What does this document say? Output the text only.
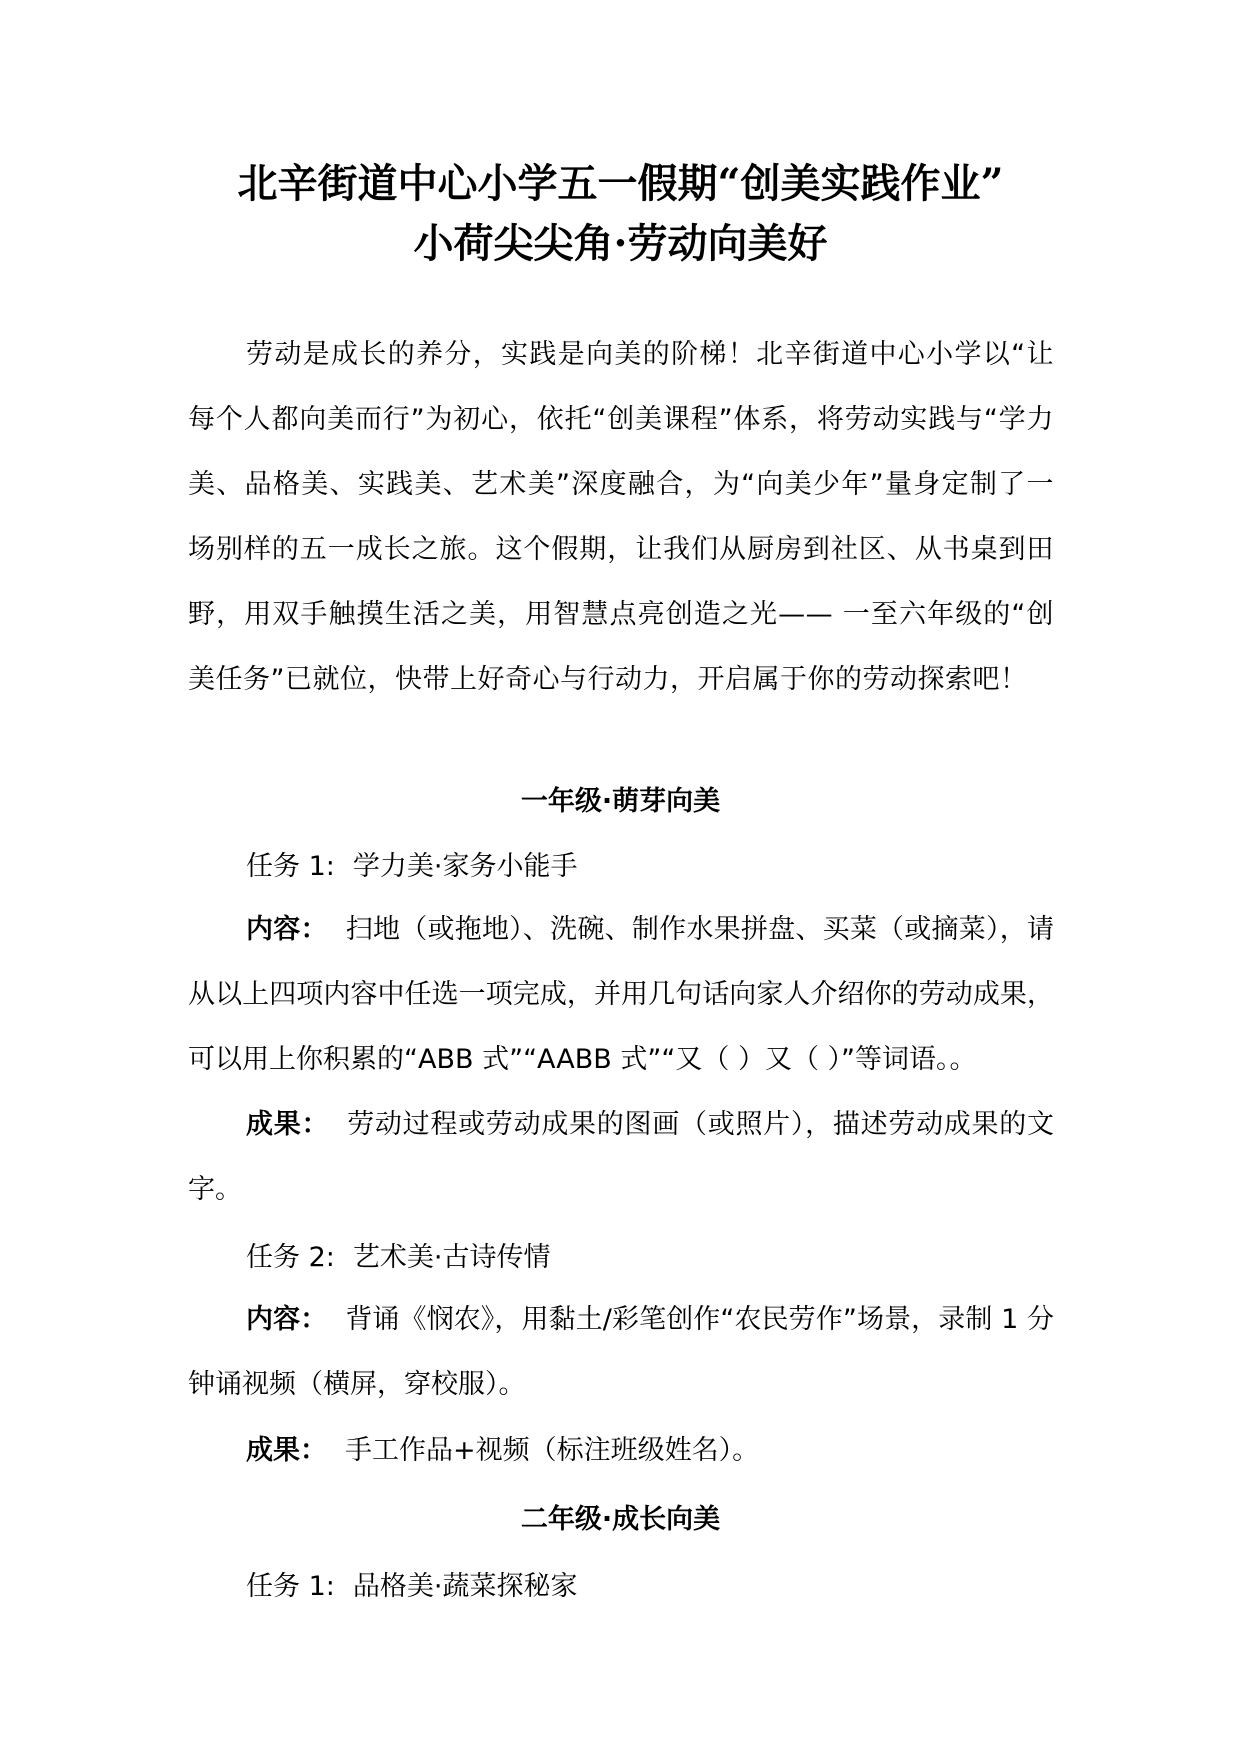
北辛街道中心小学五一假期“创美实践作业”
小荷尖尖角·劳动向美好

劳动是成长的养分，实践是向美的阶梯！北辛街道中心小学以“让每个人都向美而行”为初心，依托“创美课程”体系，将劳动实践与“学力美、品格美、实践美、艺术美”深度融合，为“向美少年”量身定制了一场别样的五一成长之旅。这个假期，让我们从厨房到社区、从书桌到田野，用双手触摸生活之美，用智慧点亮创造之光—— 一至六年级的“创美任务”已就位，快带上好奇心与行动力，开启属于你的劳动探索吧！

一年级·萌芽向美

任务 1: 学力美·家务小能手

内容： 扫地（或拖地）、洗碗、制作水果拼盘、买菜（或摘菜），请从以上四项内容中任选一项完成，并用几句话向家人介绍你的劳动成果，可以用上你积累的“ABB 式”“AABB 式”“又（ ）又（ ）”等词语。。

成果： 劳动过程或劳动成果的图画（或照片），描述劳动成果的文字。

任务 2: 艺术美·古诗传情

内容： 背诵《悯农》，用黏土/彩笔创作“农民劳作”场景，录制 1 分钟诵视频（横屏，穿校服）。

成果： 手工作品+视频（标注班级姓名）。

二年级·成长向美

任务 1: 品格美·蔬菜探秘家
